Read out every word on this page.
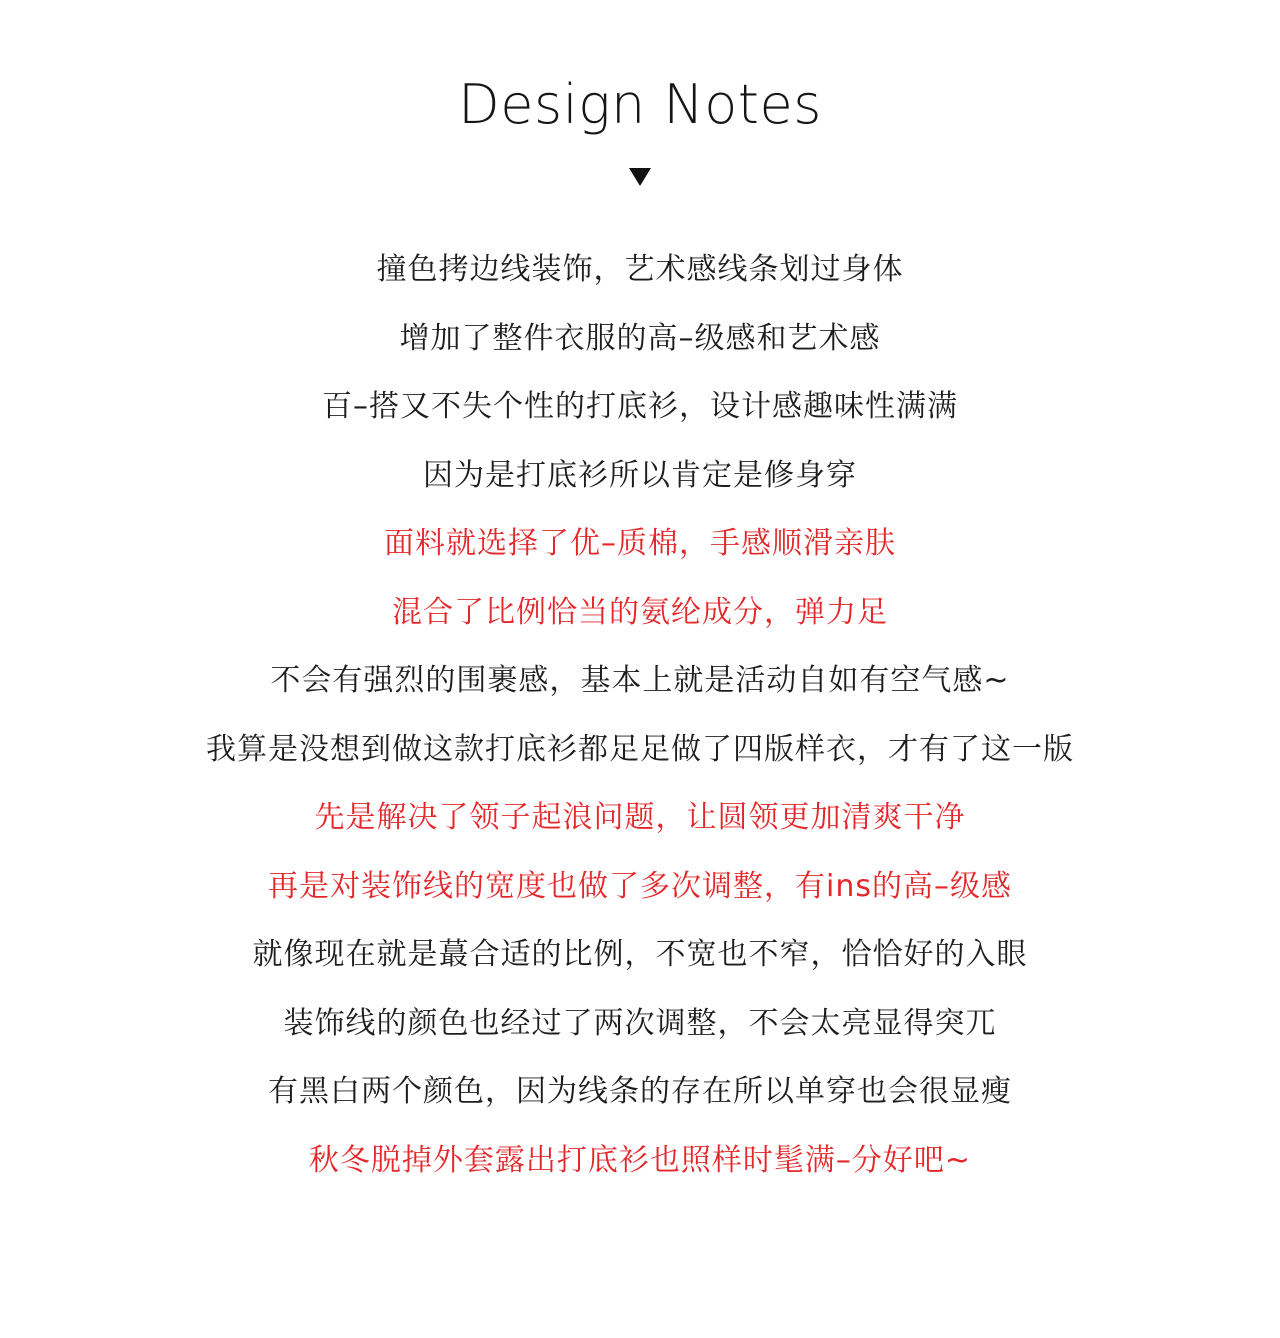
Design Notes
撞色拷边线装饰，艺术感线条划过身体
增加了整件衣服的高–级感和艺术感
百–搭又不失个性的打底衫，设计感趣味性满满
因为是打底衫所以肯定是修身穿
面料就选择了优–质棉，手感顺滑亲肤
混合了比例恰当的氨纶成分，弹力足
不会有强烈的围裹感，基本上就是活动自如有空气感~
我算是没想到做这款打底衫都足足做了四版样衣，才有了这一版
先是解决了领子起浪问题，让圆领更加清爽干净
再是对装饰线的宽度也做了多次调整，有ins的高–级感
就像现在就是蕞合适的比例，不宽也不窄，恰恰好的入眼
装饰线的颜色也经过了两次调整，不会太亮显得突兀
有黑白两个颜色，因为线条的存在所以单穿也会很显瘦
秋冬脱掉外套露出打底衫也照样时髦满–分好吧~
